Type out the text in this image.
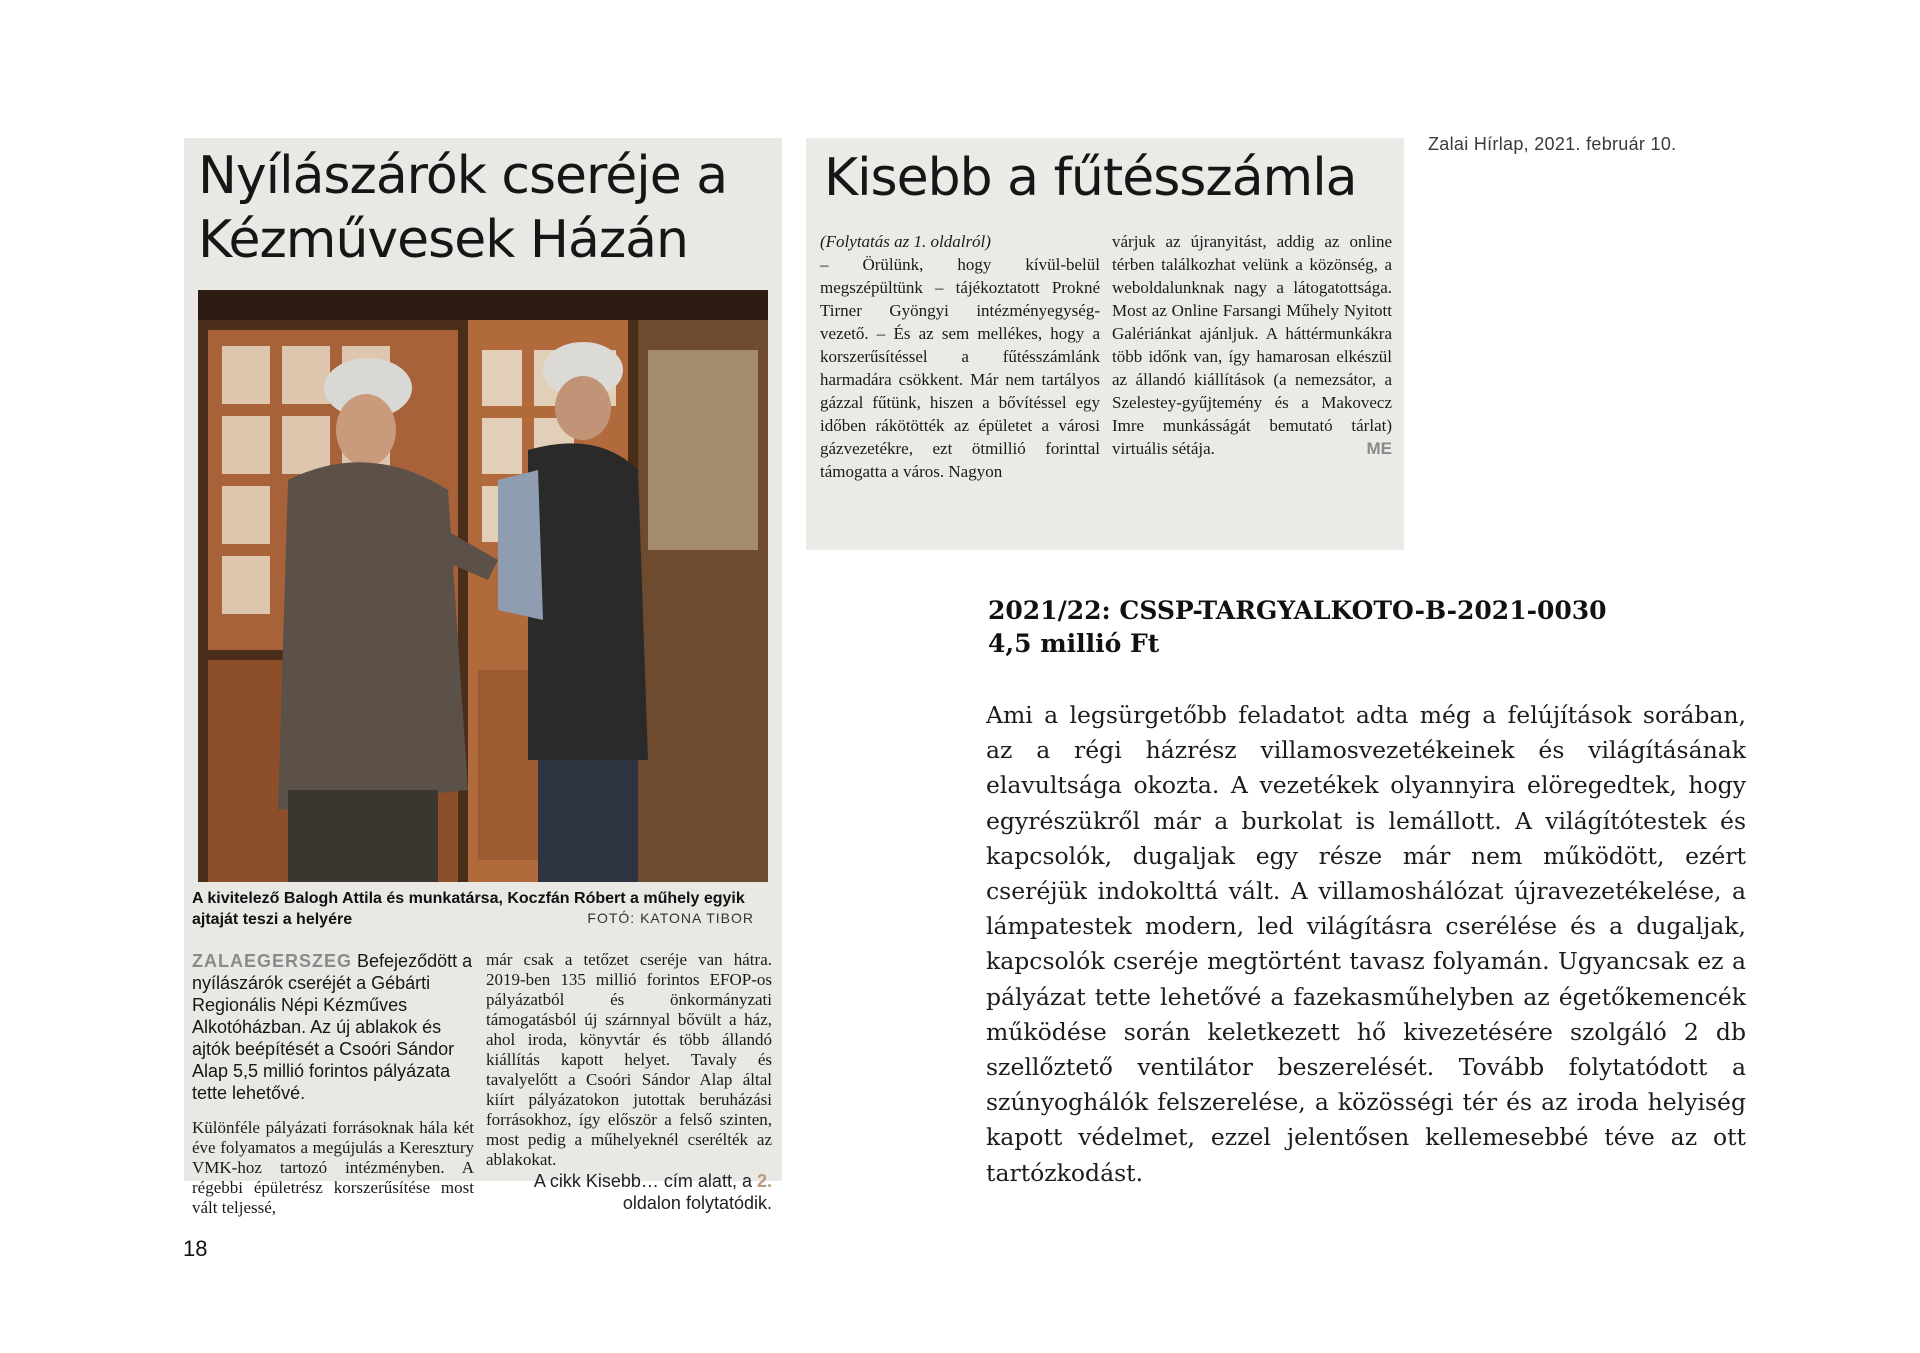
Zalai Hírlap, 2021. február 10.
Nyílászárók cseréje a Kézművesek Házán
A kivitelező Balogh Attila és munkatársa, Koczfán Róbert a műhely egyik ajtaját teszi a helyére	FOTÓ: KATONA TIBOR

ZALAEGERSZEG Befejeződött a nyílászárók cseréjét a Gébárti Regionális Népi Kézműves Alkotóházban. Az új ablakok és ajtók beépítését a Csoóri Sándor Alap 5,5 millió forintos pályázata tette lehetővé.

Különféle pályázati forrásoknak hála két éve folyamatos a megújulás a Keresztury VMK-hoz tartozó intézményben. A régebbi épületrész korszerűsítése most vált teljessé,

már csak a tetőzet cseréje van hátra. 2019-ben 135 millió forintos EFOP-os pályázatból és önkormányzati támogatásból új szárnnyal bővült a ház, ahol iroda, könyvtár és több állandó kiállítás kapott helyet. Tavaly és tavalyelőtt a Csoóri Sándor Alap által kiírt pályázatokon jutottak beruházási forrásokhoz, így először a felső szinten, most pedig a műhelyeknél cserélték az ablakokat.

A cikk Kisebb… cím alatt, a 2. oldalon folytatódik.

Kisebb a fűtésszámla

(Folytatás az 1. oldalról)
– Örülünk, hogy kívül-belül megszépültünk – tájékoztatott Prokné Tirner Gyöngyi intézményegység-vezető. – És az sem mellékes, hogy a korszerűsítéssel a fűtésszámlánk harmadára csökkent. Már nem tartályos gázzal fűtünk, hiszen a bővítéssel egy időben rákötötték az épületet a városi gázvezetékre, ezt ötmillió forinttal támogatta a város. Nagyon

várjuk az újranyitást, addig az online térben találkozhat velünk a közönség, a weboldalunknak nagy a látogatottsága. Most az Online Farsangi Műhely Nyitott Galériánkat ajánljuk. A háttérmunkákra több időnk van, így hamarosan elkészül az állandó kiállítások (a nemezsátor, a Szelestey-gyűjtemény és a Makovecz Imre munkásságát bemutató tárlat) virtuális sétája.	ME

2021/22: CSSP-TARGYALKOTO-B-2021-0030
4,5 millió Ft

Ami a legsürgetőbb feladatot adta még a felújítások sorában, az a régi házrész villamosvezetékeinek és világításának elavultsága okozta. A vezetékek olyannyira elöregedtek, hogy egyrészükről már a burkolat is lemállott. A világítótestek és kapcsolók, dugaljak egy része már nem működött, ezért cseréjük indokolttá vált. A villamoshálózat újravezetékelése, a lámpatestek modern, led világításra cserélése és a dugaljak, kapcsolók cseréje megtörtént tavasz folyamán. Ugyancsak ez a pályázat tette lehetővé a fazekasműhelyben az égetőkemencék működése során keletkezett hő kivezetésére szolgáló 2 db szellőztető ventilátor beszerelését. Tovább folytatódott a szúnyoghálók felszerelése, a közösségi tér és az iroda helyiség kapott védelmet, ezzel jelentősen kellemesebbé téve az ott tartózkodást.

18
